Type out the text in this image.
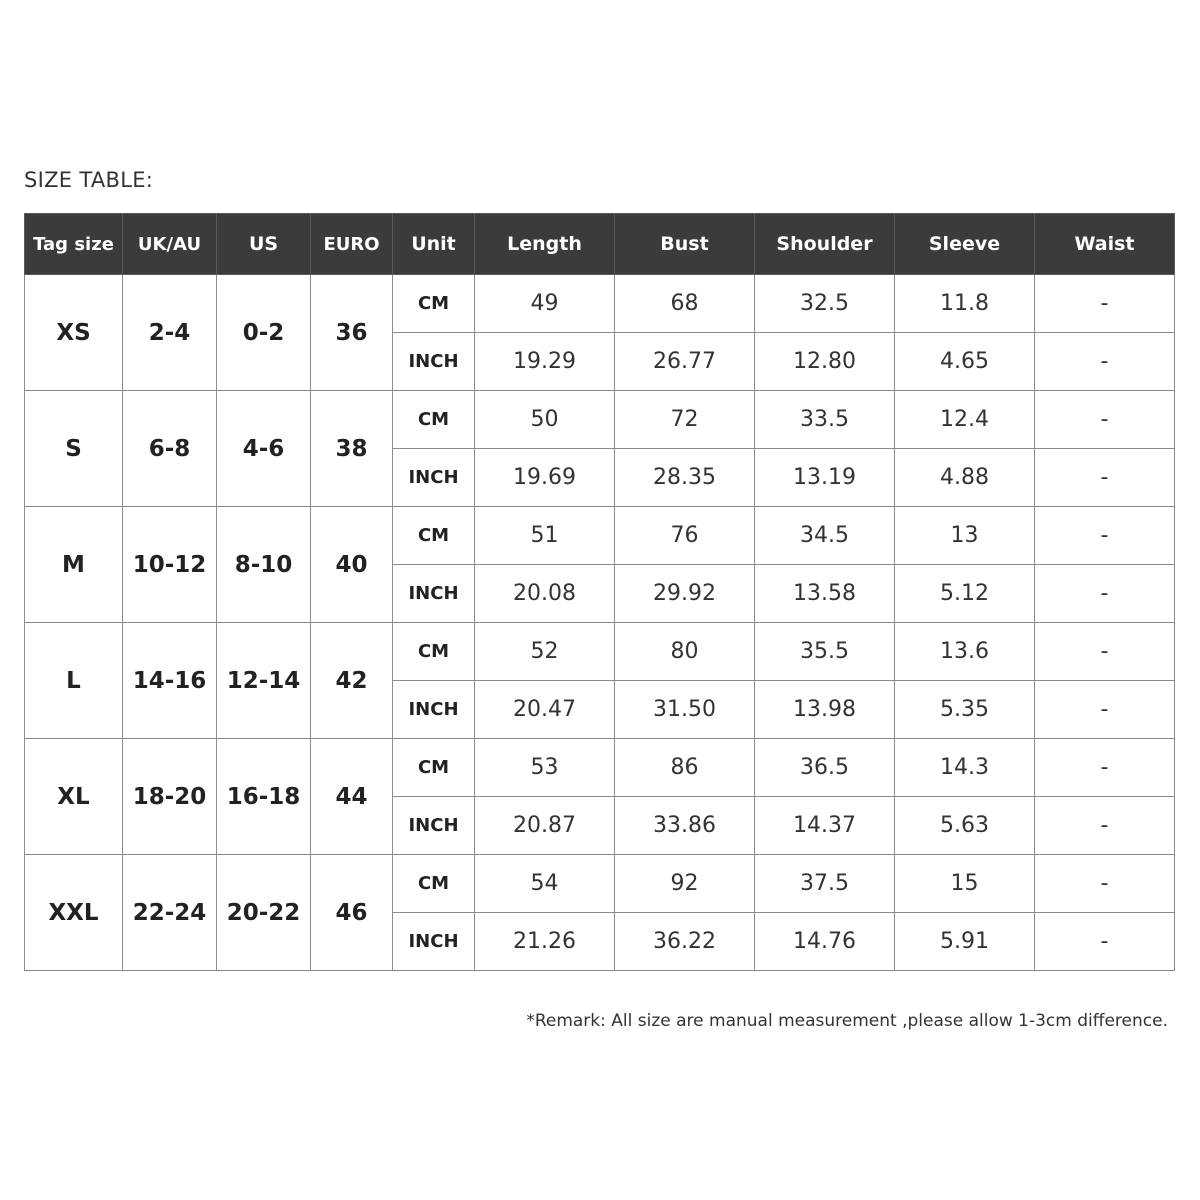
SIZE TABLE:
Tag size	UK/AU	US	EURO	Unit	Length	Bust	Shoulder	Sleeve	Waist
XS	2-4	0-2	36	CM	49	68	32.5	11.8	-
				INCH	19.29	26.77	12.80	4.65	-
S	6-8	4-6	38	CM	50	72	33.5	12.4	-
				INCH	19.69	28.35	13.19	4.88	-
M	10-12	8-10	40	CM	51	76	34.5	13	-
				INCH	20.08	29.92	13.58	5.12	-
L	14-16	12-14	42	CM	52	80	35.5	13.6	-
				INCH	20.47	31.50	13.98	5.35	-
XL	18-20	16-18	44	CM	53	86	36.5	14.3	-
				INCH	20.87	33.86	14.37	5.63	-
XXL	22-24	20-22	46	CM	54	92	37.5	15	-
				INCH	21.26	36.22	14.76	5.91	-
*Remark: All size are manual measurement ,please allow 1-3cm difference.
